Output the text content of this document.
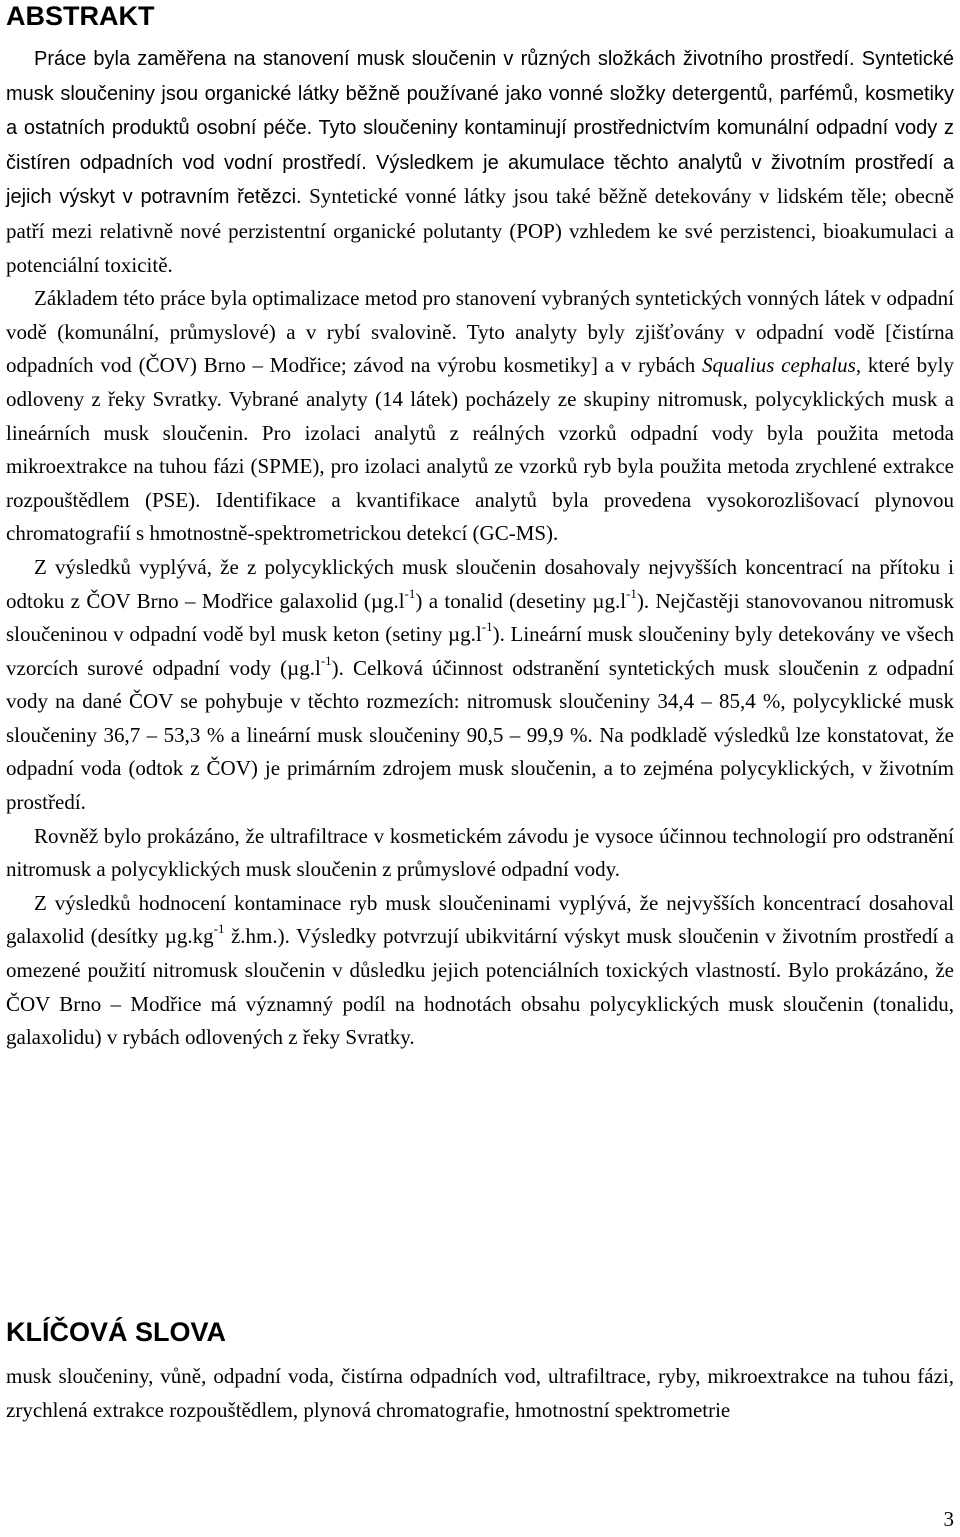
ABSTRAKT

Práce byla zaměřena na stanovení musk sloučenin v různých složkách životního prostředí. Syntetické musk sloučeniny jsou organické látky běžně používané jako vonné složky detergentů, parfémů, kosmetiky a ostatních produktů osobní péče. Tyto sloučeniny kontaminují prostřednictvím komunální odpadní vody z čistíren odpadních vod vodní prostředí. Výsledkem je akumulace těchto analytů v životním prostředí a jejich výskyt v potravním řetězci. Syntetické vonné látky jsou také běžně detekovány v lidském těle; obecně patří mezi relativně nové perzistentní organické polutanty (POP) vzhledem ke své perzistenci, bioakumulaci a potenciální toxicitě.

Základem této práce byla optimalizace metod pro stanovení vybraných syntetických vonných látek v odpadní vodě (komunální, průmyslové) a v rybí svalovině. Tyto analyty byly zjišťovány v odpadní vodě [čistírna odpadních vod (ČOV) Brno – Modřice; závod na výrobu kosmetiky] a v rybách Squalius cephalus, které byly odloveny z řeky Svratky. Vybrané analyty (14 látek) pocházely ze skupiny nitromusk, polycyklických musk a lineárních musk sloučenin. Pro izolaci analytů z reálných vzorků odpadní vody byla použita metoda mikroextrakce na tuhou fázi (SPME), pro izolaci analytů ze vzorků ryb byla použita metoda zrychlené extrakce rozpouštědlem (PSE). Identifikace a kvantifikace analytů byla provedena vysokorozlišovací plynovou chromatografií s hmotnostně-spektrometrickou detekcí (GC-MS).

Z výsledků vyplývá, že z polycyklických musk sloučenin dosahovaly nejvyšších koncentrací na přítoku i odtoku z ČOV Brno – Modřice galaxolid $(\mu g.l^{-1})$ a tonalid (desetiny $\mu g.l^{-1}$). Nejčastěji stanovovanou nitromusk sloučeninou v odpadní vodě byl musk keton (setiny $\mu g.l^{-1}$). Lineární musk sloučeniny byly detekovány ve všech vzorcích surové odpadní vody $(\mu g.l^{-1})$. Celková účinnost odstranění syntetických musk sloučenin z odpadní vody na dané ČOV se pohybuje v těchto rozmezích: nitromusk sloučeniny 34,4 – 85,4 %, polycyklické musk sloučeniny 36,7 – 53,3 % a lineární musk sloučeniny 90,5 – 99,9 %. Na podkladě výsledků lze konstatovat, že odpadní voda (odtok z ČOV) je primárním zdrojem musk sloučenin, a to zejména polycyklických, v životním prostředí.

Rovněž bylo prokázáno, že ultrafiltrace v kosmetickém závodu je vysoce účinnou technologií pro odstranění nitromusk a polycyklických musk sloučenin z průmyslové odpadní vody.

Z výsledků hodnocení kontaminace ryb musk sloučeninami vyplývá, že nejvyšších koncentrací dosahoval galaxolid (desítky $\mu g.kg^{-1}$ ž.hm.). Výsledky potvrzují ubikvitární výskyt musk sloučenin v životním prostředí a omezené použití nitromusk sloučenin v důsledku jejich potenciálních toxických vlastností. Bylo prokázáno, že ČOV Brno – Modřice má významný podíl na hodnotách obsahu polycyklických musk sloučenin (tonalidu, galaxolidu) v rybách odlovených z řeky Svratky.

KLÍČOVÁ SLOVA

musk sloučeniny, vůně, odpadní voda, čistírna odpadních vod, ultrafiltrace, ryby, mikroextrakce na tuhou fázi, zrychlená extrakce rozpouštědlem, plynová chromatografie, hmotnostní spektrometrie

3
